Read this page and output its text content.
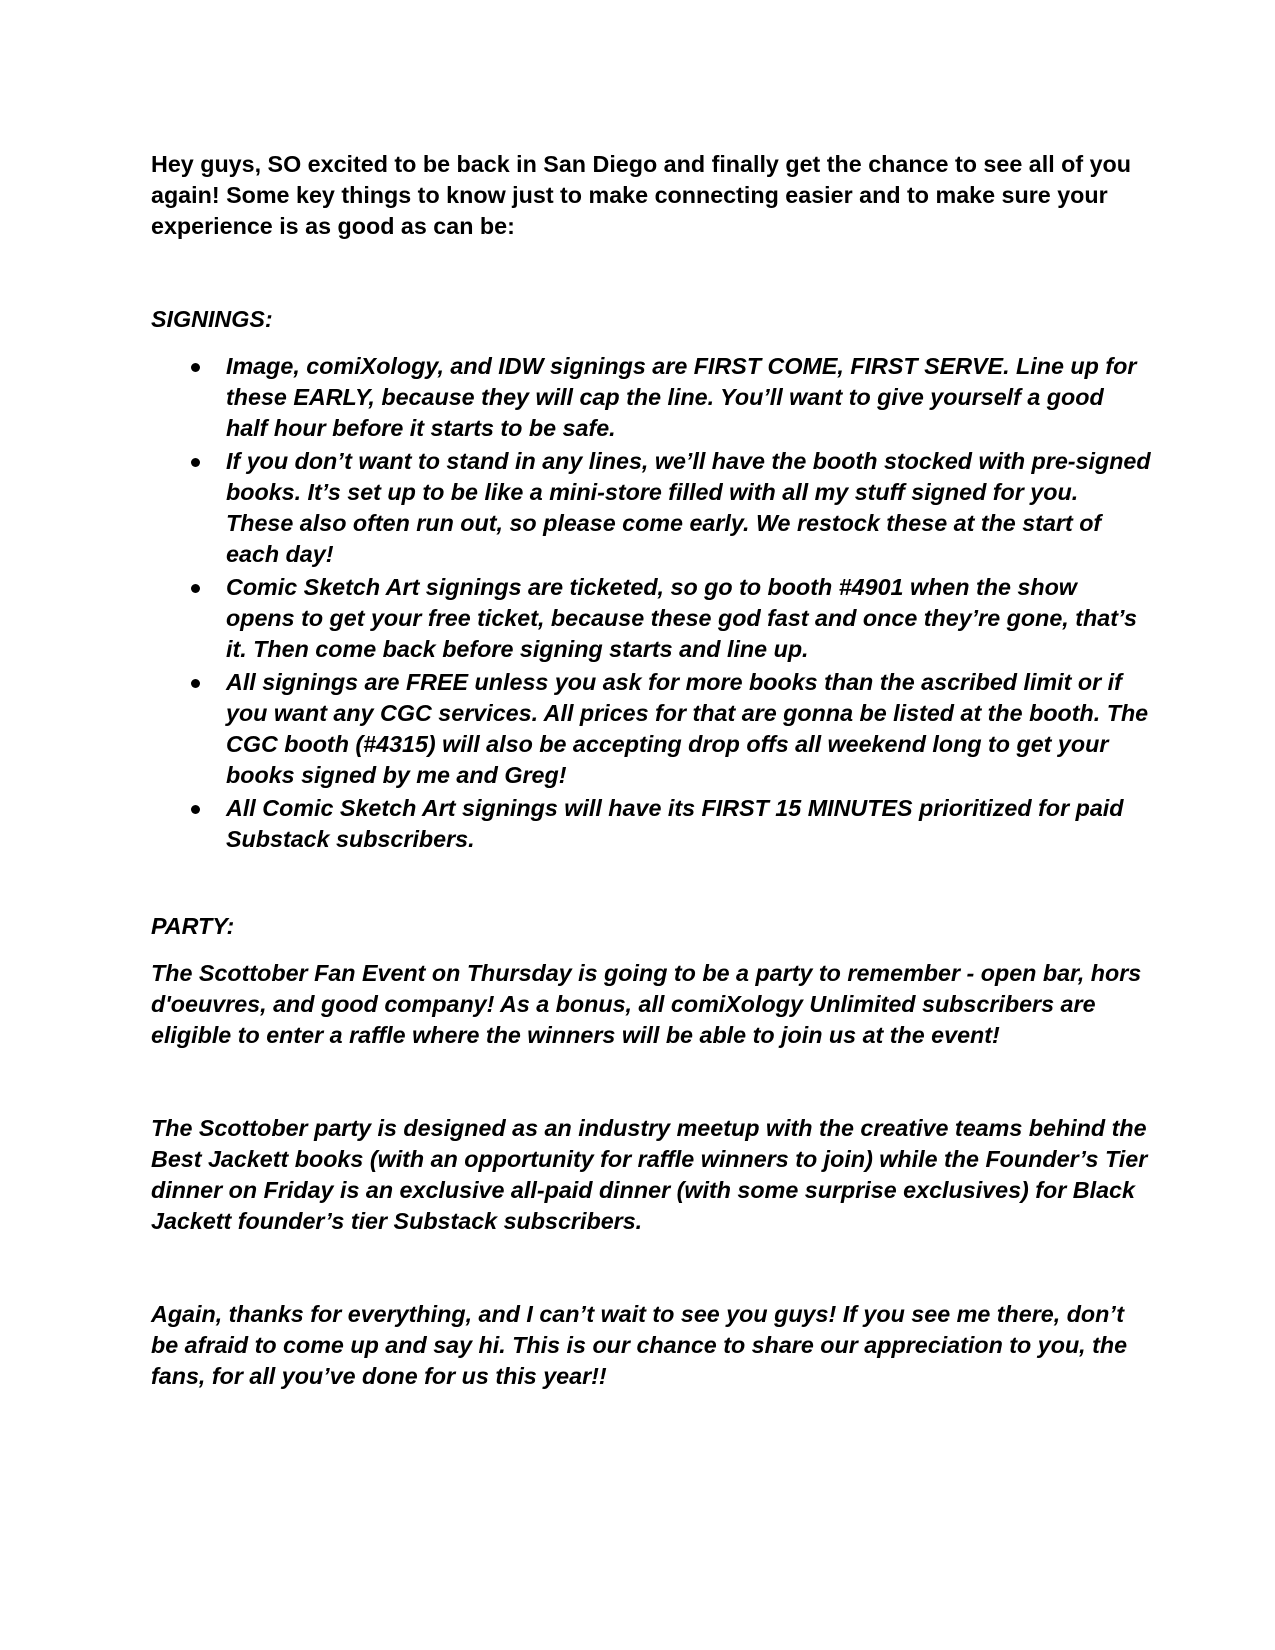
Hey guys, SO excited to be back in San Diego and finally get the chance to see all of you again! Some key things to know just to make connecting easier and to make sure your experience is as good as can be:

SIGNINGS:

Image, comiXology, and IDW signings are FIRST COME, FIRST SERVE. Line up for these EARLY, because they will cap the line. You’ll want to give yourself a good half hour before it starts to be safe.
If you don’t want to stand in any lines, we’ll have the booth stocked with pre-signed books. It’s set up to be like a mini-store filled with all my stuff signed for you. These also often run out, so please come early. We restock these at the start of each day!
Comic Sketch Art signings are ticketed, so go to booth #4901 when the show opens to get your free ticket, because these god fast and once they’re gone, that’s it. Then come back before signing starts and line up.
All signings are FREE unless you ask for more books than the ascribed limit or if you want any CGC services. All prices for that are gonna be listed at the booth. The CGC booth (#4315) will also be accepting drop offs all weekend long to get your books signed by me and Greg!
All Comic Sketch Art signings will have its FIRST 15 MINUTES prioritized for paid Substack subscribers.

PARTY:

The Scottober Fan Event on Thursday is going to be a party to remember - open bar, hors d'oeuvres, and good company! As a bonus, all comiXology Unlimited subscribers are eligible to enter a raffle where the winners will be able to join us at the event!

The Scottober party is designed as an industry meetup with the creative teams behind the Best Jackett books (with an opportunity for raffle winners to join) while the Founder’s Tier dinner on Friday is an exclusive all-paid dinner (with some surprise exclusives) for Black Jackett founder’s tier Substack subscribers.

Again, thanks for everything, and I can’t wait to see you guys! If you see me there, don’t be afraid to come up and say hi. This is our chance to share our appreciation to you, the fans, for all you’ve done for us this year!!
